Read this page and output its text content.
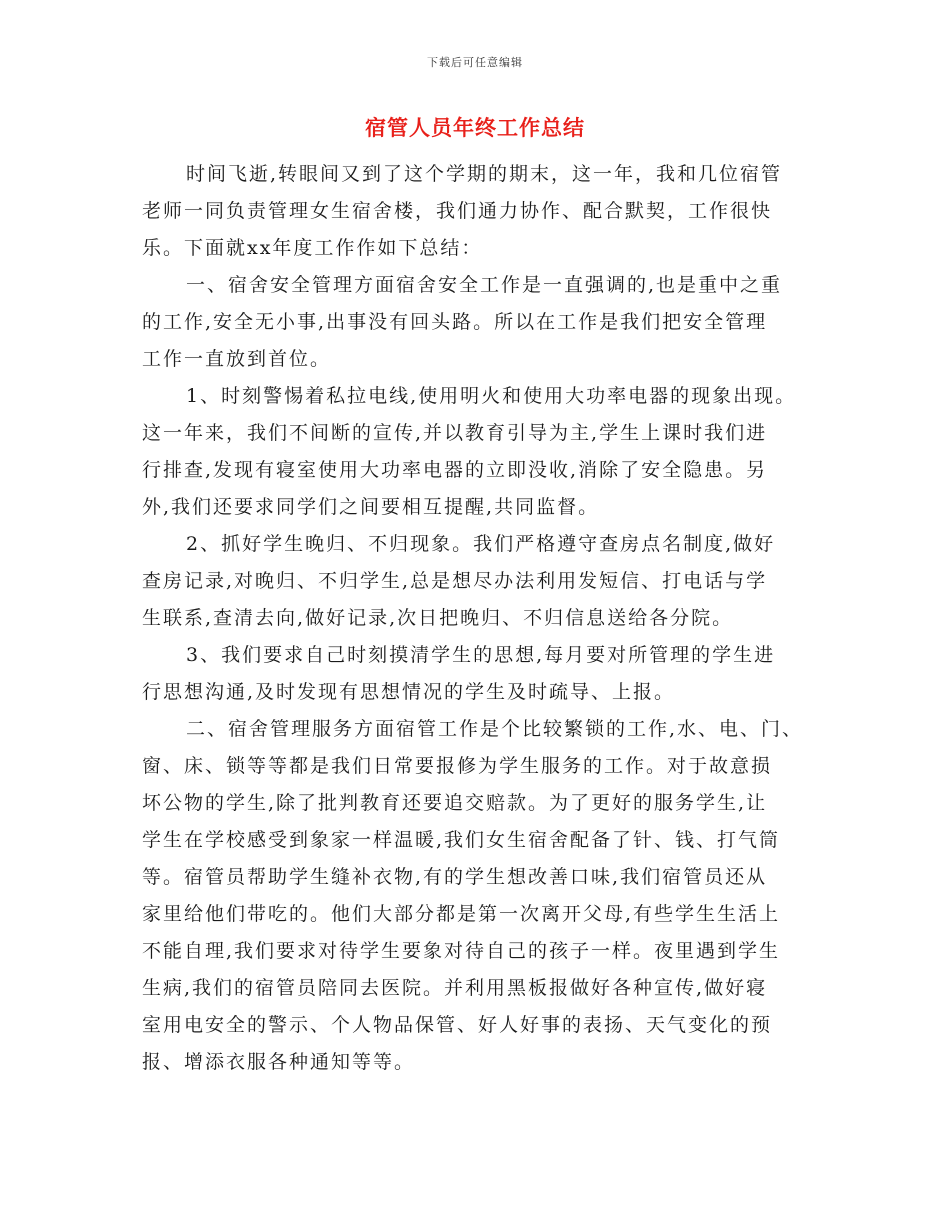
下载后可任意编辑
宿管人员年终工作总结
时间飞逝,转眼间又到了这个学期的期末，这一年，我和几位宿管
老师一同负责管理女生宿舍楼，我们通力协作、配合默契，工作很快
乐。下面就xx年度工作作如下总结：
一、宿舍安全管理方面宿舍安全工作是一直强调的,也是重中之重
的工作,安全无小事,出事没有回头路。所以在工作是我们把安全管理
工作一直放到首位。
1、时刻警惕着私拉电线,使用明火和使用大功率电器的现象出现。
这一年来，我们不间断的宣传,并以教育引导为主,学生上课时我们进
行排查,发现有寝室使用大功率电器的立即没收,消除了安全隐患。另
外,我们还要求同学们之间要相互提醒,共同监督。
2、抓好学生晚归、不归现象。我们严格遵守查房点名制度,做好
查房记录,对晚归、不归学生,总是想尽办法利用发短信、打电话与学
生联系,查清去向,做好记录,次日把晚归、不归信息送给各分院。
3、我们要求自己时刻摸清学生的思想,每月要对所管理的学生进
行思想沟通,及时发现有思想情况的学生及时疏导、上报。
二、宿舍管理服务方面宿管工作是个比较繁锁的工作,水、电、门、
窗、床、锁等等都是我们日常要报修为学生服务的工作。对于故意损
坏公物的学生,除了批判教育还要追交赔款。为了更好的服务学生,让
学生在学校感受到象家一样温暖,我们女生宿舍配备了针、钱、打气筒
等。宿管员帮助学生缝补衣物,有的学生想改善口味,我们宿管员还从
家里给他们带吃的。他们大部分都是第一次离开父母,有些学生生活上
不能自理,我们要求对待学生要象对待自己的孩子一样。夜里遇到学生
生病,我们的宿管员陪同去医院。并利用黑板报做好各种宣传,做好寝
室用电安全的警示、个人物品保管、好人好事的表扬、天气变化的预
报、增添衣服各种通知等等。
